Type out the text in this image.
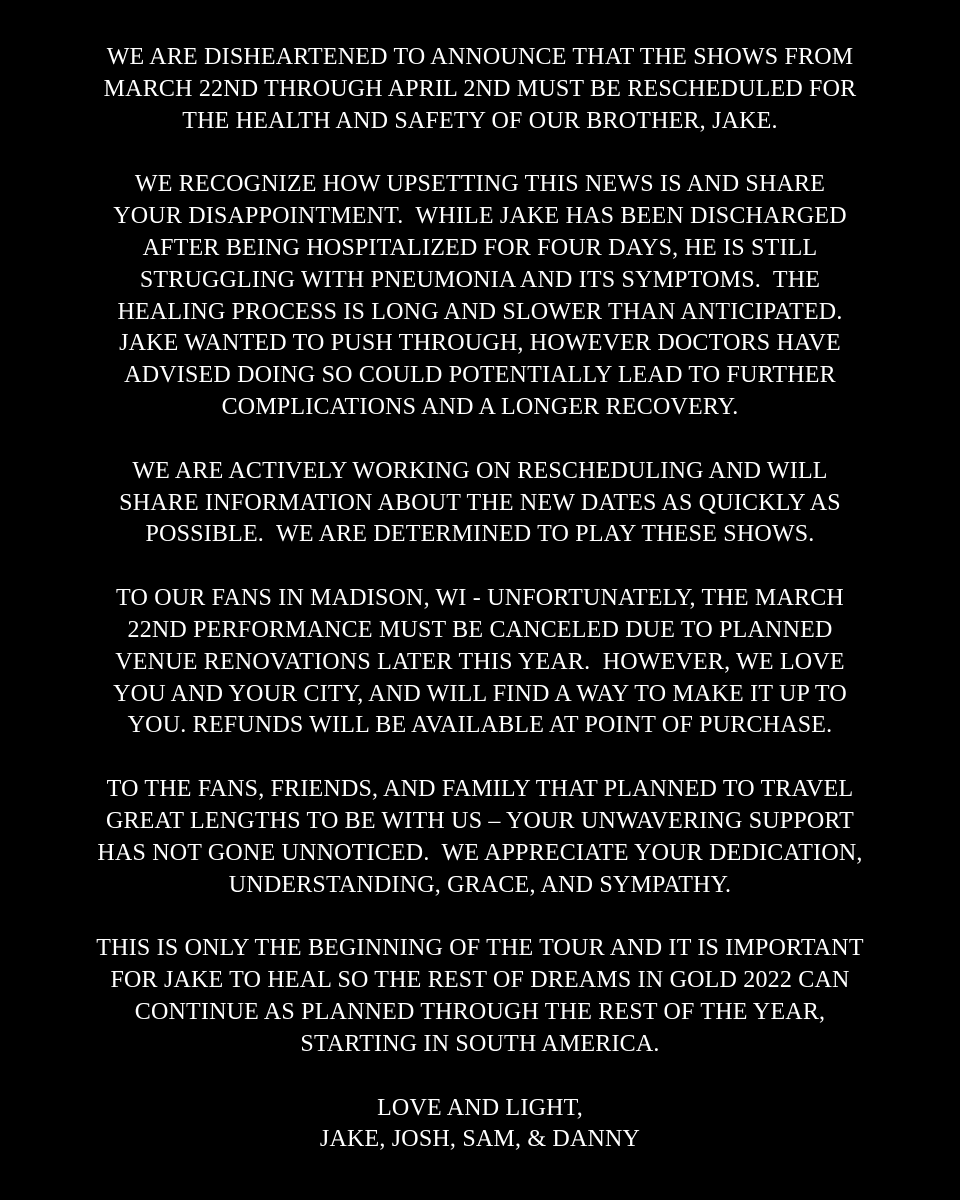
WE ARE DISHEARTENED TO ANNOUNCE THAT THE SHOWS FROM
MARCH 22ND THROUGH APRIL 2ND MUST BE RESCHEDULED FOR
THE HEALTH AND SAFETY OF OUR BROTHER, JAKE.

WE RECOGNIZE HOW UPSETTING THIS NEWS IS AND SHARE
YOUR DISAPPOINTMENT.  WHILE JAKE HAS BEEN DISCHARGED
AFTER BEING HOSPITALIZED FOR FOUR DAYS, HE IS STILL
STRUGGLING WITH PNEUMONIA AND ITS SYMPTOMS.  THE
HEALING PROCESS IS LONG AND SLOWER THAN ANTICIPATED.
JAKE WANTED TO PUSH THROUGH, HOWEVER DOCTORS HAVE
ADVISED DOING SO COULD POTENTIALLY LEAD TO FURTHER
COMPLICATIONS AND A LONGER RECOVERY.

WE ARE ACTIVELY WORKING ON RESCHEDULING AND WILL
SHARE INFORMATION ABOUT THE NEW DATES AS QUICKLY AS
POSSIBLE.  WE ARE DETERMINED TO PLAY THESE SHOWS.

TO OUR FANS IN MADISON, WI - UNFORTUNATELY, THE MARCH
22ND PERFORMANCE MUST BE CANCELED DUE TO PLANNED
VENUE RENOVATIONS LATER THIS YEAR.  HOWEVER, WE LOVE
YOU AND YOUR CITY, AND WILL FIND A WAY TO MAKE IT UP TO
YOU. REFUNDS WILL BE AVAILABLE AT POINT OF PURCHASE.

TO THE FANS, FRIENDS, AND FAMILY THAT PLANNED TO TRAVEL
GREAT LENGTHS TO BE WITH US – YOUR UNWAVERING SUPPORT
HAS NOT GONE UNNOTICED.  WE APPRECIATE YOUR DEDICATION,
UNDERSTANDING, GRACE, AND SYMPATHY.

THIS IS ONLY THE BEGINNING OF THE TOUR AND IT IS IMPORTANT
FOR JAKE TO HEAL SO THE REST OF DREAMS IN GOLD 2022 CAN
CONTINUE AS PLANNED THROUGH THE REST OF THE YEAR,
STARTING IN SOUTH AMERICA.

LOVE AND LIGHT,
JAKE, JOSH, SAM, & DANNY
